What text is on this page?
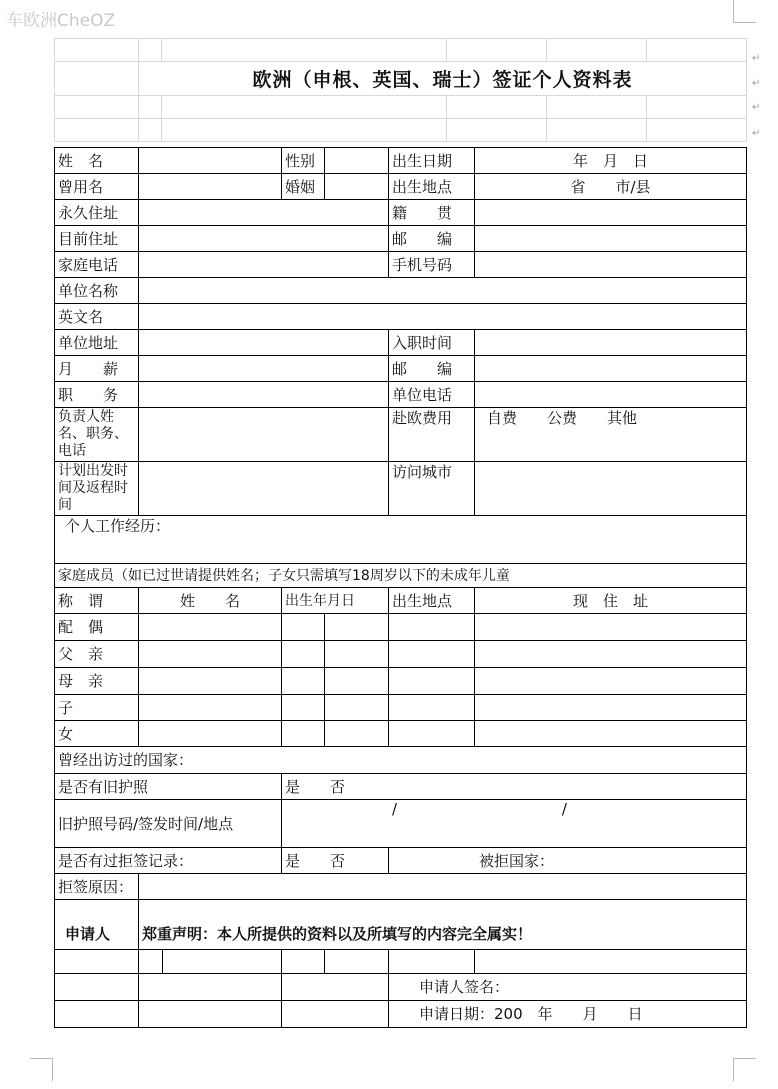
车欧洲CheOZ

	欧洲（申根、英国、瑞士）签证个人资料表				

姓　名			性别		出生日期	年　月　日
曾用名			婚姻		出生地点	省　　市/县
永久住址					籍　　贯	
目前住址					邮　　编	
家庭电话					手机号码	
单位名称						
英文名						
单位地址					入职时间	
月　　薪					邮　　编	
职　　务					单位电话	
负责人姓名、职务、电话					赴欧费用	自费　　公费　　其他
计划出发时间及返程时间					访问城市	
个人工作经历：						
家庭成员（如已过世请提供姓名；子女只需填写18周岁以下的未成年儿童						
称　谓	姓　　名		出生年月日		出生地点	现　住　址
配　偶						
父　亲						
母　亲						
子						
女						
曾经出访过的国家：						
是否有旧护照			是　　否			
旧护照号码/签发时间/地点			/ /			
是否有过拒签记录：			是　　否		被拒国家：	
拒签原因：						
申请人	郑重声明：本人所提供的资料以及所填写的内容完全属实！					

					申请人签名：	
					申请日期：200　年　　月　　日	
↵
↵
↵
↵
